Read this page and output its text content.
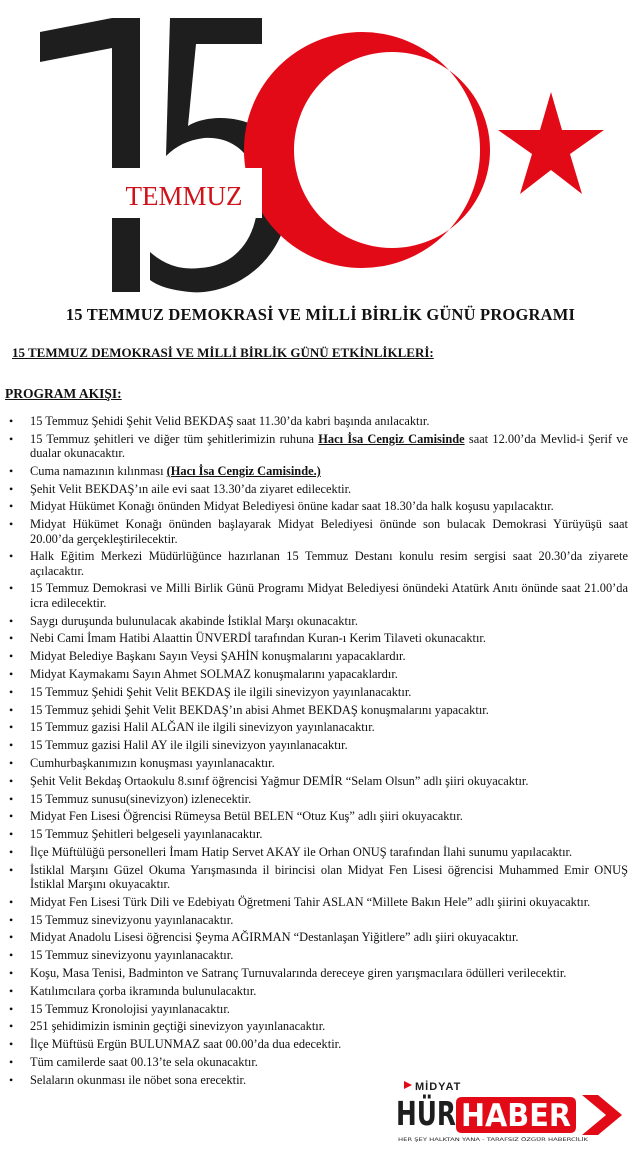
TEMMUZ
15 TEMMUZ DEMOKRASİ VE MİLLİ BİRLİK GÜNÜ PROGRAMI
15 TEMMUZ DEMOKRASİ VE MİLLİ BİRLİK GÜNÜ ETKİNLİKLERİ:
PROGRAM AKIŞI:
• 15 Temmuz Şehidi Şehit Velid BEKDAŞ saat 11.30’da kabri başında anılacaktır.
• 15 Temmuz şehitleri ve diğer tüm şehitlerimizin ruhuna Hacı İsa Cengiz Camisinde saat 12.00’da Mevlid-i Şerif ve dualar okunacaktır.
• Cuma namazının kılınması (Hacı İsa Cengiz Camisinde.)
• Şehit Velit BEKDAŞ’ın aile evi saat 13.30’da ziyaret edilecektir.
• Midyat Hükümet Konağı önünden Midyat Belediyesi önüne kadar saat 18.30’da halk koşusu yapılacaktır.
• Midyat Hükümet Konağı önünden başlayarak Midyat Belediyesi önünde son bulacak Demokrasi Yürüyüşü saat 20.00’da gerçekleştirilecektir.
• Halk Eğitim Merkezi Müdürlüğünce hazırlanan 15 Temmuz Destanı konulu resim sergisi saat 20.30’da ziyarete açılacaktır.
• 15 Temmuz Demokrasi ve Milli Birlik Günü Programı Midyat Belediyesi önündeki Atatürk Anıtı önünde saat 21.00’da icra edilecektir.
• Saygı duruşunda bulunulacak akabinde İstiklal Marşı okunacaktır.
• Nebi Cami İmam Hatibi Alaattin ÜNVERDİ tarafından Kuran-ı Kerim Tilaveti okunacaktır.
• Midyat Belediye Başkanı Sayın Veysi ŞAHİN konuşmalarını yapacaklardır.
• Midyat Kaymakamı Sayın Ahmet SOLMAZ konuşmalarını yapacaklardır.
• 15 Temmuz Şehidi Şehit Velit BEKDAŞ ile ilgili sinevizyon yayınlanacaktır.
• 15 Temmuz şehidi Şehit Velit BEKDAŞ’ın abisi Ahmet BEKDAŞ konuşmalarını yapacaktır.
• 15 Temmuz gazisi Halil ALĞAN ile ilgili sinevizyon yayınlanacaktır.
• 15 Temmuz gazisi Halil AY ile ilgili sinevizyon yayınlanacaktır.
• Cumhurbaşkanımızın konuşması yayınlanacaktır.
• Şehit Velit Bekdaş Ortaokulu 8.sınıf öğrencisi Yağmur DEMİR “Selam Olsun” adlı şiiri okuyacaktır.
• 15 Temmuz sunusu(sinevizyon) izlenecektir.
• Midyat Fen Lisesi Öğrencisi Rümeysa Betül BELEN “Otuz Kuş” adlı şiiri okuyacaktır.
• 15 Temmuz Şehitleri belgeseli yayınlanacaktır.
• İlçe Müftülüğü personelleri İmam Hatip Servet AKAY ile Orhan ONUŞ tarafından İlahi sunumu yapılacaktır.
• İstiklal Marşını Güzel Okuma Yarışmasında il birincisi olan Midyat Fen Lisesi öğrencisi Muhammed Emir ONUŞ İstiklal Marşını okuyacaktır.
• Midyat Fen Lisesi Türk Dili ve Edebiyatı Öğretmeni Tahir ASLAN “Millete Bakın Hele” adlı şiirini okuyacaktır.
• 15 Temmuz sinevizyonu yayınlanacaktır.
• Midyat Anadolu Lisesi öğrencisi Şeyma AĞIRMAN “Destanlaşan Yiğitlere” adlı şiiri okuyacaktır.
• 15 Temmuz sinevizyonu yayınlanacaktır.
• Koşu, Masa Tenisi, Badminton ve Satranç Turnuvalarında dereceye giren yarışmacılara ödülleri verilecektir.
• Katılımcılara çorba ikramında bulunulacaktır.
• 15 Temmuz Kronolojisi yayınlanacaktır.
• 251 şehidimizin isminin geçtiği sinevizyon yayınlanacaktır.
• İlçe Müftüsü Ergün BULUNMAZ saat 00.00’da dua edecektir.
• Tüm camilerde saat 00.13’te sela okunacaktır.
• Selaların okunması ile nöbet sona erecektir.
MİDYAT
HÜR
HABER
HER ŞEY HALKTAN YANA - TARAFSIZ ÖZGÜR HABERCİLİK
